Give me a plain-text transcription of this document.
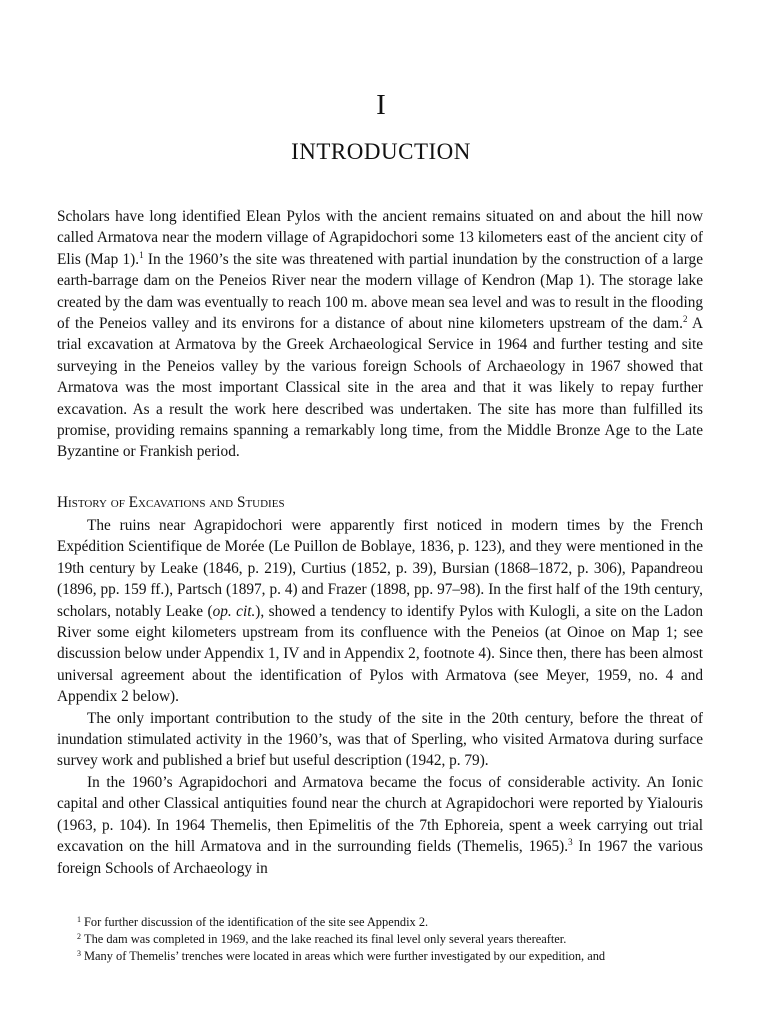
I
INTRODUCTION

Scholars have long identified Elean Pylos with the ancient remains situated on and about the hill now called Armatova near the modern village of Agrapidochori some 13 kilometers east of the ancient city of Elis (Map 1).$^1$ In the 1960’s the site was threatened with partial inundation by the construction of a large earth-barrage dam on the Peneios River near the modern village of Kendron (Map 1). The storage lake created by the dam was eventually to reach 100 m. above mean sea level and was to result in the flooding of the Peneios valley and its environs for a distance of about nine kilometers upstream of the dam.$^2$ A trial excavation at Armatova by the Greek Archaeological Service in 1964 and further testing and site surveying in the Peneios valley by the various foreign Schools of Archaeology in 1967 showed that Armatova was the most important Classical site in the area and that it was likely to repay further excavation. As a result the work here described was undertaken. The site has more than fulfilled its promise, providing remains spanning a remarkably long time, from the Middle Bronze Age to the Late Byzantine or Frankish period.

History of Excavations and Studies

The ruins near Agrapidochori were apparently first noticed in modern times by the French Expédition Scientifique de Morée (Le Puillon de Boblaye, 1836, p. 123), and they were mentioned in the 19th century by Leake (1846, p. 219), Curtius (1852, p. 39), Bursian (1868–1872, p. 306), Papandreou (1896, pp. 159 ff.), Partsch (1897, p. 4) and Frazer (1898, pp. 97–98). In the first half of the 19th century, scholars, notably Leake (op. cit.), showed a tendency to identify Pylos with Kulogli, a site on the Ladon River some eight kilometers upstream from its confluence with the Peneios (at Oinoe on Map 1; see discussion below under Appendix 1, IV and in Appendix 2, footnote 4). Since then, there has been almost universal agreement about the identification of Pylos with Armatova (see Meyer, 1959, no. 4 and Appendix 2 below).

The only important contribution to the study of the site in the 20th century, before the threat of inundation stimulated activity in the 1960’s, was that of Sperling, who visited Armatova during surface survey work and published a brief but useful description (1942, p. 79).

In the 1960’s Agrapidochori and Armatova became the focus of considerable activity. An Ionic capital and other Classical antiquities found near the church at Agrapidochori were reported by Yialouris (1963, p. 104). In 1964 Themelis, then Epimelitis of the 7th Ephoreia, spent a week carrying out trial excavation on the hill Armatova and in the surrounding fields (Themelis, 1965).$^3$ In 1967 the various foreign Schools of Archaeology in

$^1$ For further discussion of the identification of the site see Appendix 2.

$^2$ The dam was completed in 1969, and the lake reached its final level only several years thereafter.

$^3$ Many of Themelis’ trenches were located in areas which were further investigated by our expedition, and
